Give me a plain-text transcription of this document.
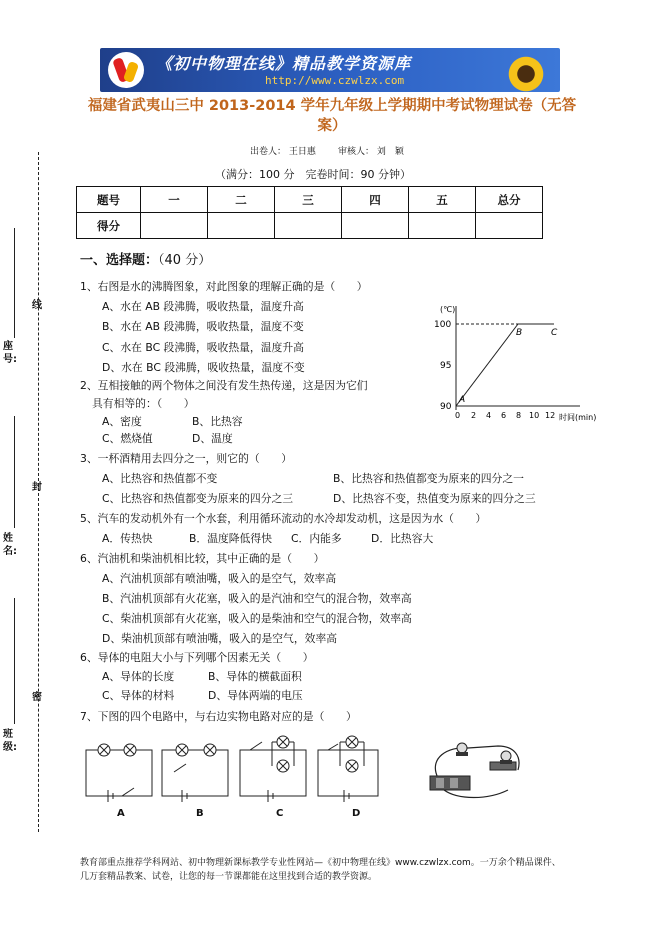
《初中物理在线》精品教学资源库
http://www.czwlzx.com
福建省武夷山三中 2013-2014 学年九年级上学期期中考试物理试卷（无答
案）
出卷人： 王日惠 审核人： 刘　颖
（满分：100 分　完卷时间：90 分钟）
题号	一	二	三	四	五	总分
得分						
线
封
密
座号:
姓名:
班级:
一、选择题：（40 分）
1、右图是水的沸腾图象，对此图象的理解正确的是（　　）
A、水在 AB 段沸腾，吸收热量，温度升高
B、水在 AB 段沸腾，吸收热量，温度不变
C、水在 BC 段沸腾，吸收热量，温度升高
D、水在 BC 段沸腾，吸收热量，温度不变
2、互相接触的两个物体之间没有发生热传递，这是因为它们
具有相等的：（　　）
A、密度	B、比热容
C、燃烧值	D、温度
3、一杯酒精用去四分之一，则它的（　　）
A、比热容和热值都不变	B、比热容和热值都变为原来的四分之一
C、比热容和热值都变为原来的四分之三	D、比热容不变，热值变为原来的四分之三
5、汽车的发动机外有一个水套，利用循环流动的水冷却发动机，这是因为水（　　）
A．传热快	B．温度降低得快 C．内能多	D．比热容大
6、汽油机和柴油机相比较，其中正确的是（　　）
A、汽油机顶部有喷油嘴，吸入的是空气，效率高
B、汽油机顶部有火花塞，吸入的是汽油和空气的混合物，效率高
C、柴油机顶部有火花塞，吸入的是柴油和空气的混合物，效率高
D、柴油机顶部有喷油嘴，吸入的是空气，效率高
6、导体的电阻大小与下列哪个因素无关（　　）
A、导体的长度	B、导体的横截面积
C、导体的材料	D、导体两端的电压
7、下图的四个电路中，与右边实物电路对应的是（　　）
(℃)
100
95
90
0 2 4 6 8 10 12 时间(min)
A
B	C
A	B	C	D
教育部重点推荐学科网站、初中物理新课标教学专业性网站—《初中物理在线》www.czwlzx.com。一万余个精品课件、
几万套精品教案、试卷，让您的每一节课都能在这里找到合适的教学资源。
